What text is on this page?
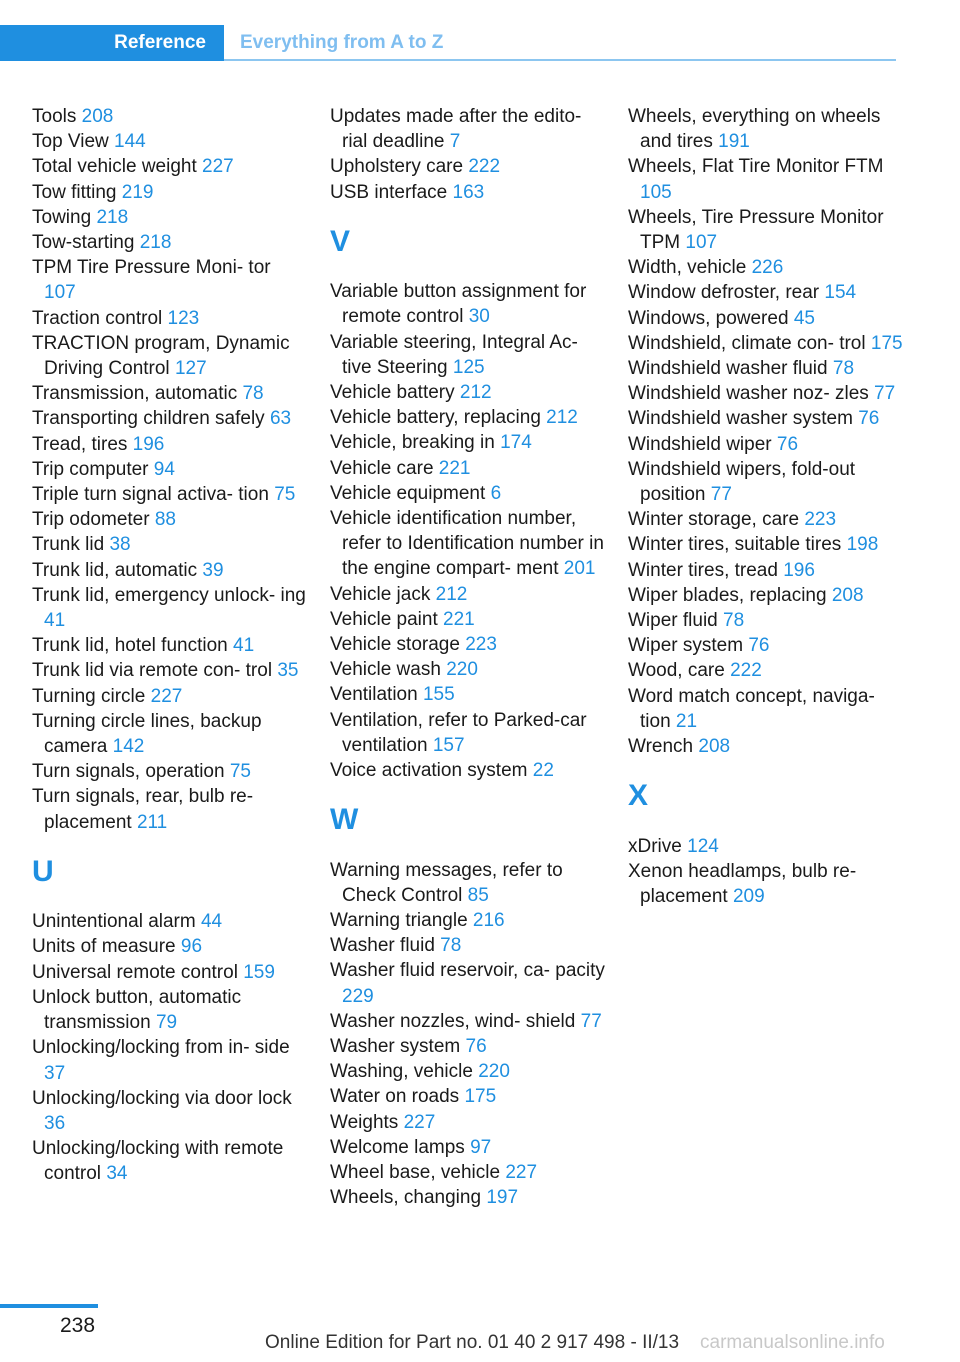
Reference	Everything from A to Z
Tools 208
Top View 144
Total vehicle weight 227
Tow fitting 219
Towing 218
Tow-starting 218
TPM Tire Pressure Moni‐ tor 107
Traction control 123
TRACTION program, Dynamic Driving Control 127
Transmission, automatic 78
Transporting children safely 63
Tread, tires 196
Trip computer 94
Triple turn signal activa‐ tion 75
Trip odometer 88
Trunk lid 38
Trunk lid, automatic 39
Trunk lid, emergency unlock‐ ing 41
Trunk lid, hotel function 41
Trunk lid via remote con‐ trol 35
Turning circle 227
Turning circle lines, backup camera 142
Turn signals, operation 75
Turn signals, rear, bulb re‐ placement 211
U
Unintentional alarm 44
Units of measure 96
Universal remote control 159
Unlock button, automatic transmission 79
Unlocking/locking from in‐ side 37
Unlocking/locking via door lock 36
Unlocking/locking with remote control 34
Updates made after the edito‐ rial deadline 7
Upholstery care 222
USB interface 163
V
Variable button assignment for remote control 30
Variable steering, Integral Ac‐ tive Steering 125
Vehicle battery 212
Vehicle battery, replacing 212
Vehicle, breaking in 174
Vehicle care 221
Vehicle equipment 6
Vehicle identification number, refer to Identification number in the engine compart‐ ment 201
Vehicle jack 212
Vehicle paint 221
Vehicle storage 223
Vehicle wash 220
Ventilation 155
Ventilation, refer to Parked-car ventilation 157
Voice activation system 22
W
Warning messages, refer to Check Control 85
Warning triangle 216
Washer fluid 78
Washer fluid reservoir, ca‐ pacity 229
Washer nozzles, wind‐ shield 77
Washer system 76
Washing, vehicle 220
Water on roads 175
Weights 227
Welcome lamps 97
Wheel base, vehicle 227
Wheels, changing 197
Wheels, everything on wheels and tires 191
Wheels, Flat Tire Monitor FTM 105
Wheels, Tire Pressure Monitor TPM 107
Width, vehicle 226
Window defroster, rear 154
Windows, powered 45
Windshield, climate con‐ trol 175
Windshield washer fluid 78
Windshield washer noz‐ zles 77
Windshield washer system 76
Windshield wiper 76
Windshield wipers, fold-out position 77
Winter storage, care 223
Winter tires, suitable tires 198
Winter tires, tread 196
Wiper blades, replacing 208
Wiper fluid 78
Wiper system 76
Wood, care 222
Word match concept, naviga‐ tion 21
Wrench 208
X
xDrive 124
Xenon headlamps, bulb re‐ placement 209
238
Online Edition for Part no. 01 40 2 917 498 - II/13 carmanualsonline.info
